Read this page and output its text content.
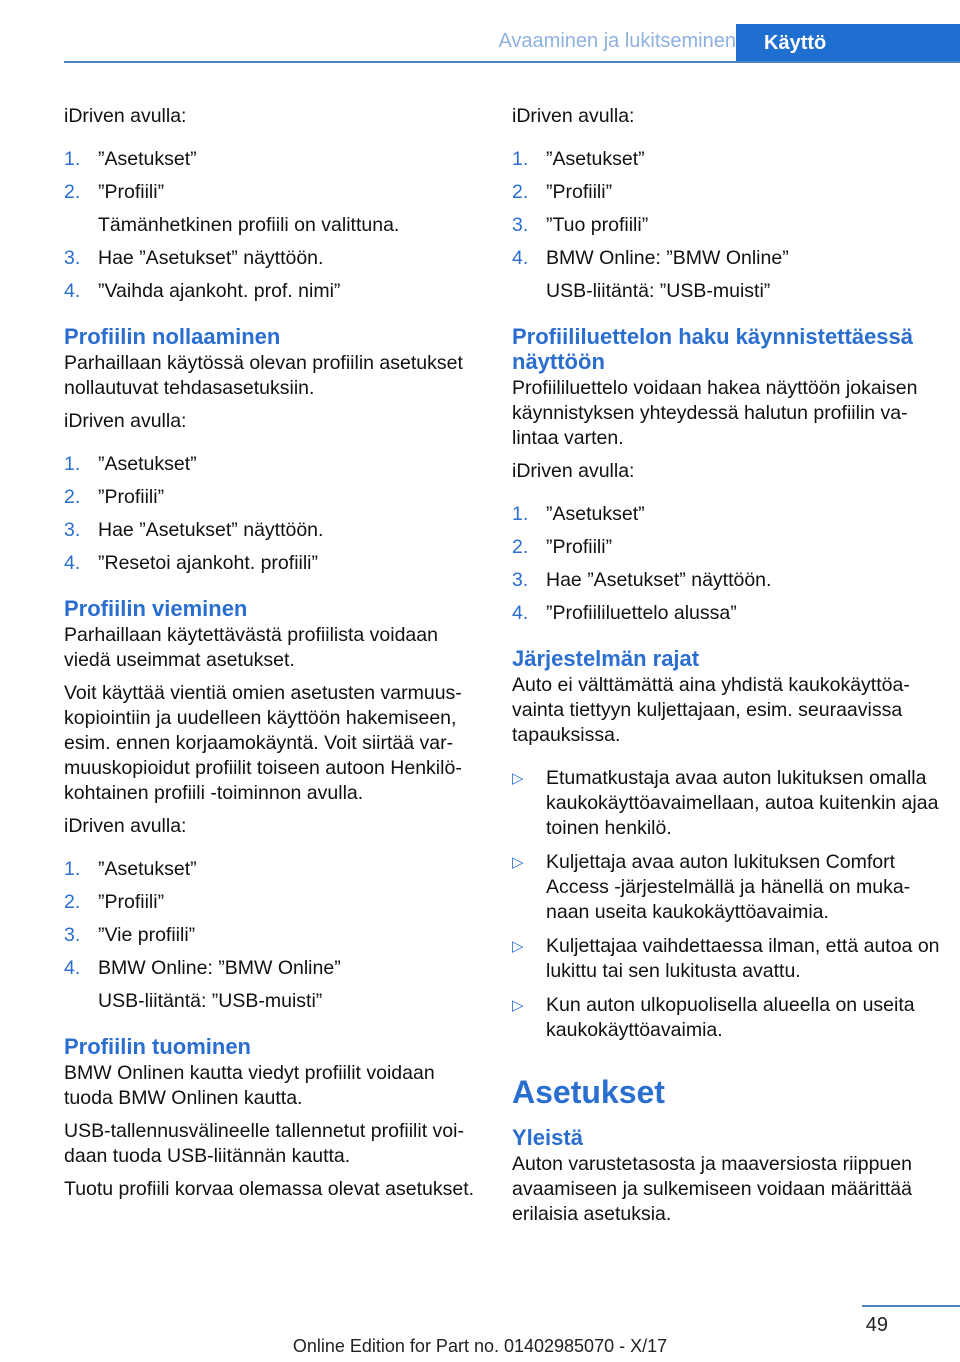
Avaaminen ja lukitseminen	Käyttö

iDriven avulla:

1. ”Asetukset”
2. ”Profiili”
Tämänhetkinen profiili on valittuna.
3. Hae ”Asetukset” näyttöön.
4. ”Vaihda ajankoht. prof. nimi”
Profiilin nollaaminen

Parhaillaan käytössä olevan profiilin asetukset nollautuvat tehdasasetuksiin.

iDriven avulla:

1. ”Asetukset”
2. ”Profiili”
3. Hae ”Asetukset” näyttöön.
4. ”Resetoi ajankoht. profiili”
Profiilin vieminen

Parhaillaan käytettävästä profiilista voidaan viedä useimmat asetukset.

Voit käyttää vientiä omien asetusten varmuuskopiointiin ja uudelleen käyttöön hakemiseen, esim. ennen korjaamokäyntä. Voit siirtää varmuuskopioidut profiilit toiseen autoon Henkilökohtainen profiili -toiminnon avulla.

iDriven avulla:

1. ”Asetukset”
2. ”Profiili”
3. ”Vie profiili”
4. BMW Online: ”BMW Online”
USB-liitäntä: ”USB-muisti”
Profiilin tuominen

BMW Onlinen kautta viedyt profiilit voidaan tuoda BMW Onlinen kautta.

USB-tallennusvälineelle tallennetut profiilit voidaan tuoda USB-liitännän kautta.

Tuotu profiili korvaa olemassa olevat asetukset.

iDriven avulla:

1. ”Asetukset”
2. ”Profiili”
3. ”Tuo profiili”
4. BMW Online: ”BMW Online”
USB-liitäntä: ”USB-muisti”
Profiililuettelon haku käynnistettäessä näyttöön

Profiililuettelo voidaan hakea näyttöön jokaisen käynnistyksen yhteydessä halutun profiilin valintaa varten.

iDriven avulla:

1. ”Asetukset”
2. ”Profiili”
3. Hae ”Asetukset” näyttöön.
4. ”Profiililuettelo alussa”
Järjestelmän rajat

Auto ei välttämättä aina yhdistä kaukokäyttöavainta tiettyyn kuljettajaan, esim. seuraavissa tapauksissa.

▷ Etumatkustaja avaa auton lukituksen omalla kaukokäyttöavaimellaan, autoa kuitenkin ajaa toinen henkilö.
▷ Kuljettaja avaa auton lukituksen Comfort Access -järjestelmällä ja hänellä on mukanaan useita kaukokäyttöavaimia.
▷ Kuljettajaa vaihdettaessa ilman, että autoa on lukittu tai sen lukitusta avattu.
▷ Kun auton ulkopuolisella alueella on useita kaukokäyttöavaimia.
Asetukset
Yleistä

Auton varustetasosta ja maaversiosta riippuen avaamiseen ja sulkemiseen voidaan määrittää erilaisia asetuksia.

49
Online Edition for Part no. 01402985070 - X/17
